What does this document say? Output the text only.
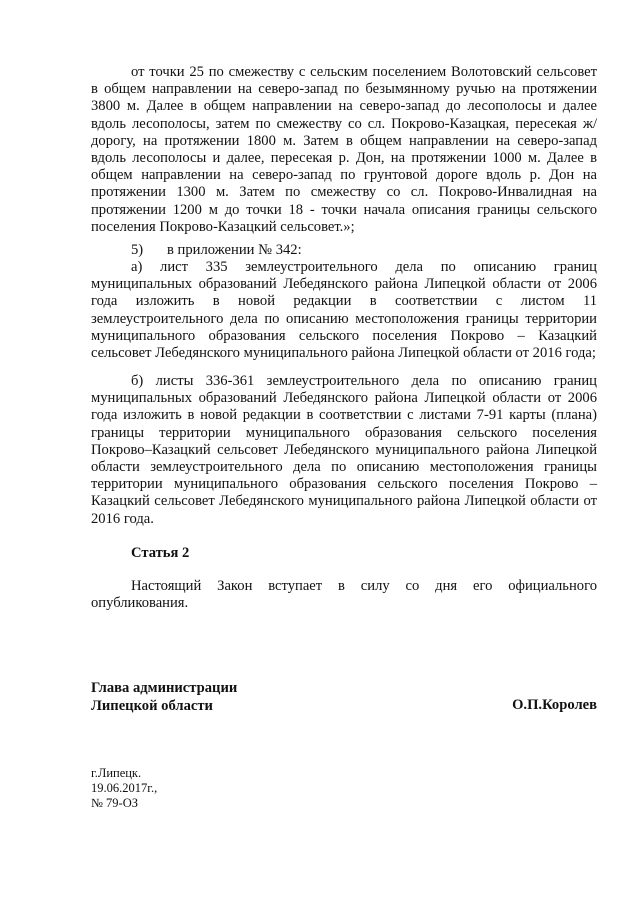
от точки 25 по смежеству с сельским поселением Волотовский сельсовет в общем направлении на северо-запад по безымянному ручью на протяжении 3800 м. Далее в общем направлении на северо-запад до лесополосы и далее вдоль лесополосы, затем по смежеству со сл. Покрово-Казацкая, пересекая ж/дорогу, на протяжении 1800 м. Затем в общем направлении на северо-запад вдоль лесополосы и далее, пересекая р. Дон, на протяжении 1000 м. Далее в общем направлении на северо-запад по грунтовой дороге вдоль р. Дон на протяжении 1300 м. Затем по смежеству со сл. Покрово-Инвалидная на протяжении 1200 м до точки 18 - точки начала описания границы сельского поселения Покрово-Казацкий сельсовет.»;

5) в приложении № 342:

а) лист 335 землеустроительного дела по описанию границ муниципальных образований Лебедянского района Липецкой области от 2006 года изложить в новой редакции в соответствии с листом 11 землеустроительного дела по описанию местоположения границы территории муниципального образования сельского поселения Покрово – Казацкий сельсовет Лебедянского муниципального района Липецкой области от 2016 года;

б) листы 336-361 землеустроительного дела по описанию границ муниципальных образований Лебедянского района Липецкой области от 2006 года изложить в новой редакции в соответствии с листами 7-91 карты (плана) границы территории муниципального образования сельского поселения Покрово–Казацкий сельсовет Лебедянского муниципального района Липецкой области землеустроительного дела по описанию местоположения границы территории муниципального образования сельского поселения Покрово – Казацкий сельсовет Лебедянского муниципального района Липецкой области от 2016 года.

Статья 2

Настоящий Закон вступает в силу со дня его официального опубликования.

Глава администрации
Липецкой области	О.П.Королев
г.Липецк.
19.06.2017г.,
№ 79-ОЗ
